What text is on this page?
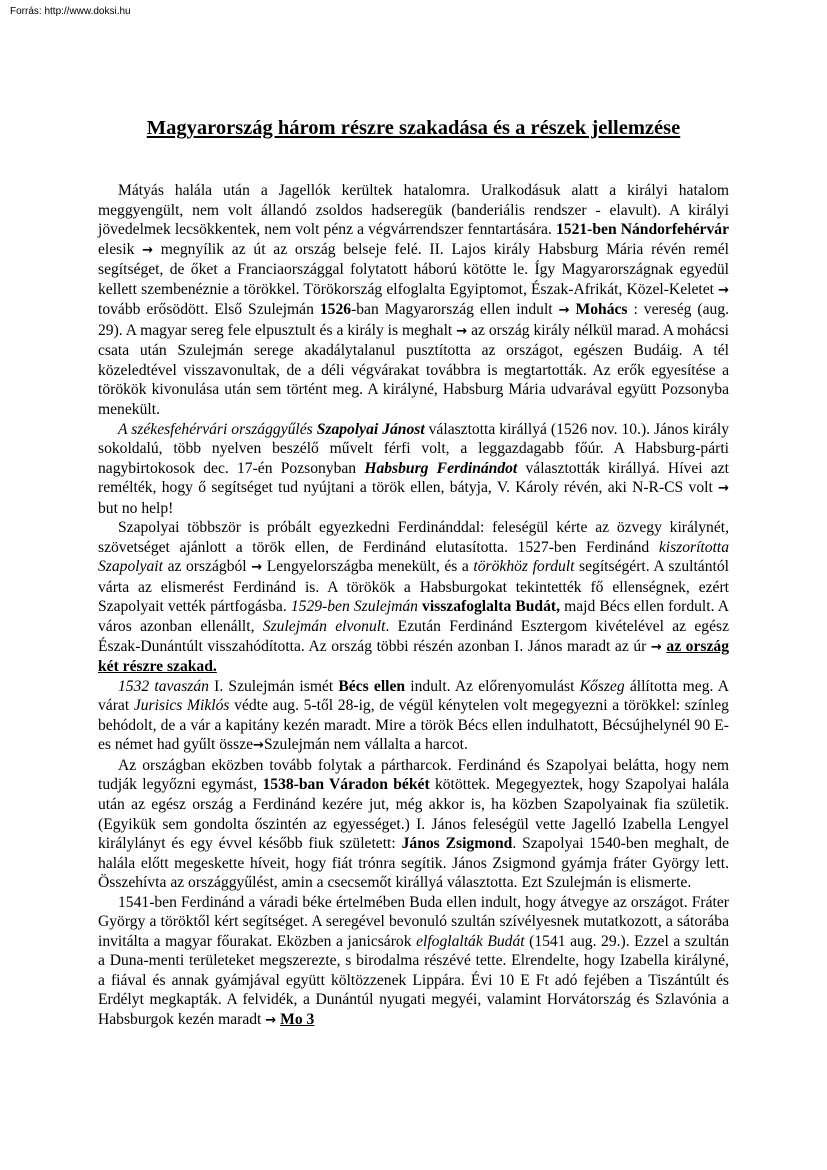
Forrás: http://www.doksi.hu
Magyarország három részre szakadása és a részek jellemzése

Mátyás halála után a Jagellók kerültek hatalomra. Uralkodásuk alatt a királyi hatalom meggyengült, nem volt állandó zsoldos hadseregük (banderiális rendszer - elavult). A királyi jövedelmek lecsökkentek, nem volt pénz a végvárrendszer fenntartására. 1521-ben Nándorfehérvár elesik → megnyílik az út az ország belseje felé. II. Lajos király Habsburg Mária révén remél segítséget, de őket a Franciaországgal folytatott háború kötötte le. Így Magyarországnak egyedül kellett szembenéznie a törökkel. Törökország elfoglalta Egyiptomot, Észak-Afrikát, Közel-Keletet → tovább erősödött. Első Szulejmán 1526-ban Magyarország ellen indult → Mohács : vereség (aug. 29). A magyar sereg fele elpusztult és a király is meghalt → az ország király nélkül marad. A mohácsi csata után Szulejmán serege akadálytalanul pusztította az országot, egészen Budáig. A tél közeledtével visszavonultak, de a déli végvárakat továbbra is megtartották. Az erők egyesítése a törökök kivonulása után sem történt meg. A királyné, Habsburg Mária udvarával együtt Pozsonyba menekült.

A székesfehérvári országgyűlés Szapolyai Jánost választotta királlyá (1526 nov. 10.). János király sokoldalú, több nyelven beszélő művelt férfi volt, a leggazdagabb főúr. A Habsburg-párti nagybirtokosok dec. 17-én Pozsonyban Habsburg Ferdinándot választották királlyá. Hívei azt remélték, hogy ő segítséget tud nyújtani a török ellen, bátyja, V. Károly révén, aki N-R-CS volt → but no help!

Szapolyai többször is próbált egyezkedni Ferdinánddal: feleségül kérte az özvegy királynét, szövetséget ajánlott a török ellen, de Ferdinánd elutasította. 1527-ben Ferdinánd kiszorította Szapolyait az országból → Lengyelországba menekült, és a törökhöz fordult segítségért. A szultántól várta az elismerést Ferdinánd is. A törökök a Habsburgokat tekintették fő ellenségnek, ezért Szapolyait vették pártfogásba. 1529-ben Szulejmán visszafoglalta Budát, majd Bécs ellen fordult. A város azonban ellenállt, Szulejmán elvonult. Ezután Ferdinánd Esztergom kivételével az egész Észak-Dunántúlt visszahódította. Az ország többi részén azonban I. János maradt az úr → az ország két részre szakad.

1532 tavaszán I. Szulejmán ismét Bécs ellen indult. Az előrenyomulást Kőszeg állította meg. A várat Jurisics Miklós védte aug. 5-től 28-ig, de végül kénytelen volt megegyezni a törökkel: színleg behódolt, de a vár a kapitány kezén maradt. Mire a török Bécs ellen indulhatott, Bécsújhelynél 90 E-es német had gyűlt össze→Szulejmán nem vállalta a harcot.

Az országban eközben tovább folytak a pártharcok. Ferdinánd és Szapolyai belátta, hogy nem tudják legyőzni egymást, 1538-ban Váradon békét kötöttek. Megegyeztek, hogy Szapolyai halála után az egész ország a Ferdinánd kezére jut, még akkor is, ha közben Szapolyainak fia születik. (Egyikük sem gondolta őszintén az egyességet.) I. János feleségül vette Jagelló Izabella Lengyel királylányt és egy évvel később fiuk született: János Zsigmond. Szapolyai 1540-ben meghalt, de halála előtt megeskette híveit, hogy fiát trónra segítik. János Zsigmond gyámja fráter György lett. Összehívta az országgyűlést, amin a csecsemőt királlyá választotta. Ezt Szulejmán is elismerte.

1541-ben Ferdinánd a váradi béke értelmében Buda ellen indult, hogy átvegye az országot. Fráter György a töröktől kért segítséget. A seregével bevonuló szultán szívélyesnek mutatkozott, a sátorába invitálta a magyar főurakat. Eközben a janicsárok elfoglalták Budát (1541 aug. 29.). Ezzel a szultán a Duna-menti területeket megszerezte, s birodalma részévé tette. Elrendelte, hogy Izabella királyné, a fiával és annak gyámjával együtt költözzenek Lippára. Évi 10 E Ft adó fejében a Tiszántúlt és Erdélyt megkapták. A felvidék, a Dunántúl nyugati megyéi, valamint Horvátország és Szlavónia a Habsburgok kezén maradt → Mo 3
